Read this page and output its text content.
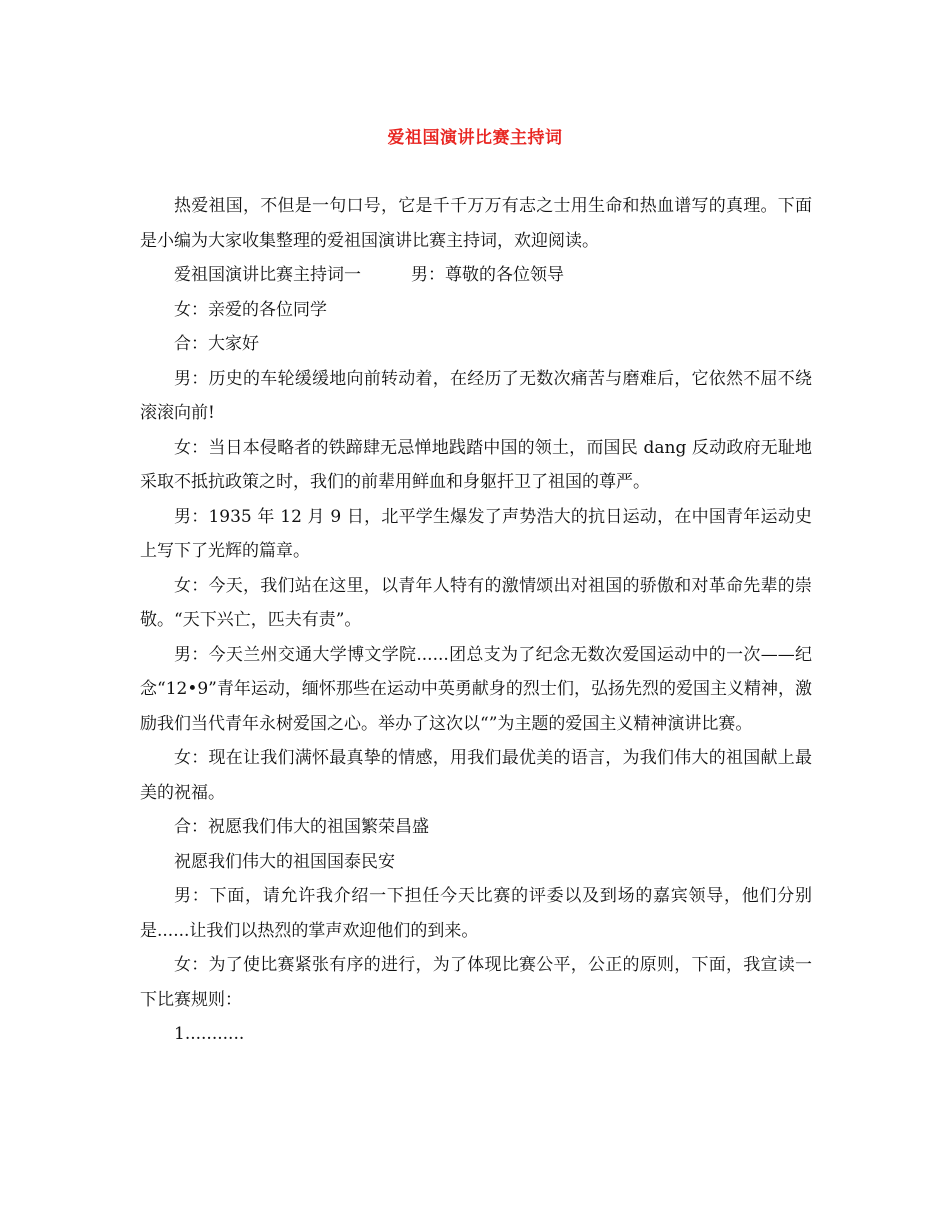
爱祖国演讲比赛主持词

热爱祖国，不但是一句口号，它是千千万万有志之士用生命和热血谱写的真理。下面是小编为大家收集整理的爱祖国演讲比赛主持词，欢迎阅读。

爱祖国演讲比赛主持词一	男：尊敬的各位领导

女：亲爱的各位同学

合：大家好

男：历史的车轮缓缓地向前转动着，在经历了无数次痛苦与磨难后，它依然不屈不绕滚滚向前!

女：当日本侵略者的铁蹄肆无忌惮地践踏中国的领土，而国民 dang 反动政府无耻地采取不抵抗政策之时，我们的前辈用鲜血和身躯扞卫了祖国的尊严。

男：1935 年 12 月 9 日，北平学生爆发了声势浩大的抗日运动，在中国青年运动史上写下了光辉的篇章。

女：今天，我们站在这里，以青年人特有的激情颂出对祖国的骄傲和对革命先辈的崇敬。“天下兴亡，匹夫有责”。

男：今天兰州交通大学博文学院......团总支为了纪念无数次爱国运动中的一次——纪念“12•9”青年运动，缅怀那些在运动中英勇献身的烈士们，弘扬先烈的爱国主义精神，激励我们当代青年永树爱国之心。举办了这次以“”为主题的爱国主义精神演讲比赛。

女：现在让我们满怀最真挚的情感，用我们最优美的语言，为我们伟大的祖国献上最美的祝福。

合：祝愿我们伟大的祖国繁荣昌盛

祝愿我们伟大的祖国国泰民安

男：下面，请允许我介绍一下担任今天比赛的评委以及到场的嘉宾领导，他们分别是......让我们以热烈的掌声欢迎他们的到来。

女：为了使比赛紧张有序的进行，为了体现比赛公平，公正的原则，下面，我宣读一下比赛规则：

1...........
